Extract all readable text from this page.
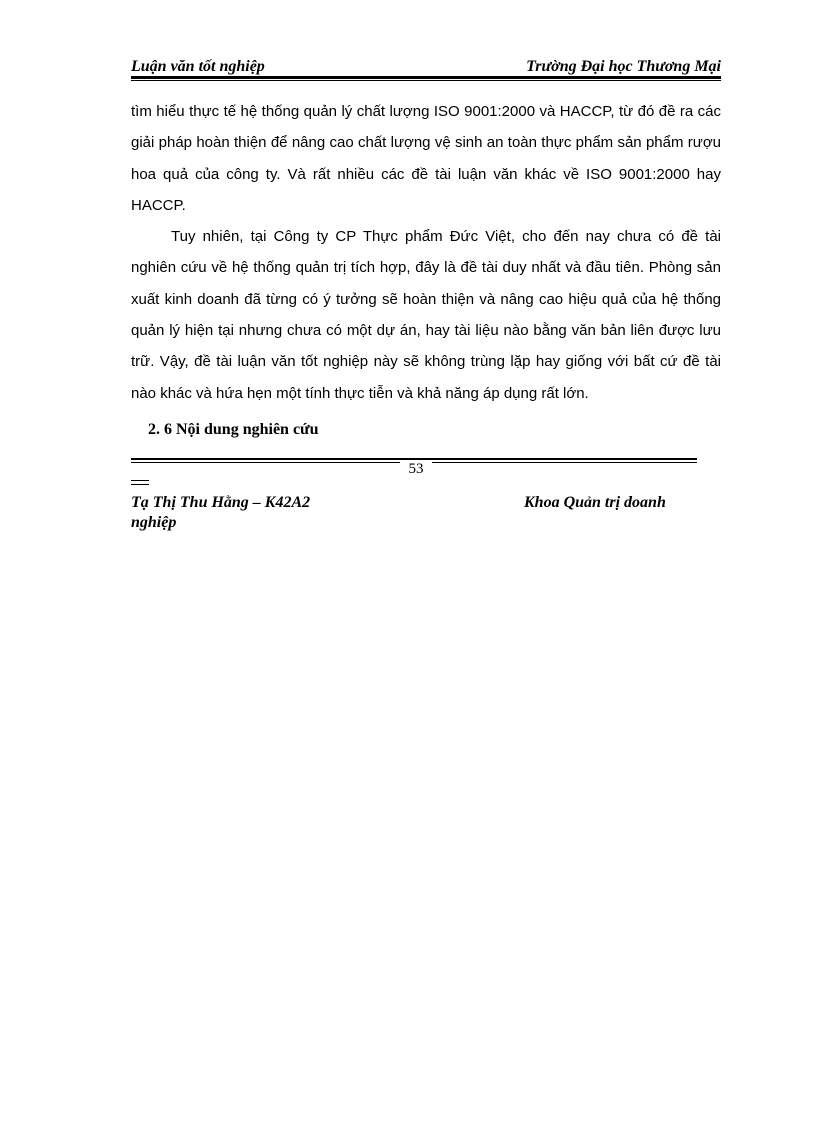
Luận văn tốt nghiệp	Trường Đại học Thương Mại

tìm hiểu thực tế hệ thống quản lý chất lượng ISO 9001:2000 và HACCP, từ đó đề ra các giải pháp hoàn thiện để nâng cao chất lượng vệ sinh an toàn thực phẩm sản phẩm rượu hoa quả của công ty. Và rất nhiều các đề tài luận văn khác về ISO 9001:2000 hay HACCP.

Tuy nhiên, tại Công ty CP Thực phẩm Đức Việt, cho đến nay chưa có đề tài nghiên cứu về hệ thống quản trị tích hợp, đây là đề tài duy nhất và đầu tiên. Phòng sản xuất kinh doanh đã từng có ý tưởng sẽ hoàn thiện và nâng cao hiệu quả của hệ thống quản lý hiện tại nhưng chưa có một dự án, hay tài liệu nào bằng văn bản liên được lưu trữ. Vậy, đề tài luận văn tốt nghiệp này sẽ không trùng lặp hay giống với bất cứ đề tài nào khác và hứa hẹn một tính thực tiễn và khả năng áp dụng rất lớn.

2. 6 Nội dung nghiên cứu
53
Tạ Thị Thu Hằng – K42A2	Khoa Quản trị doanh
nghiệp
